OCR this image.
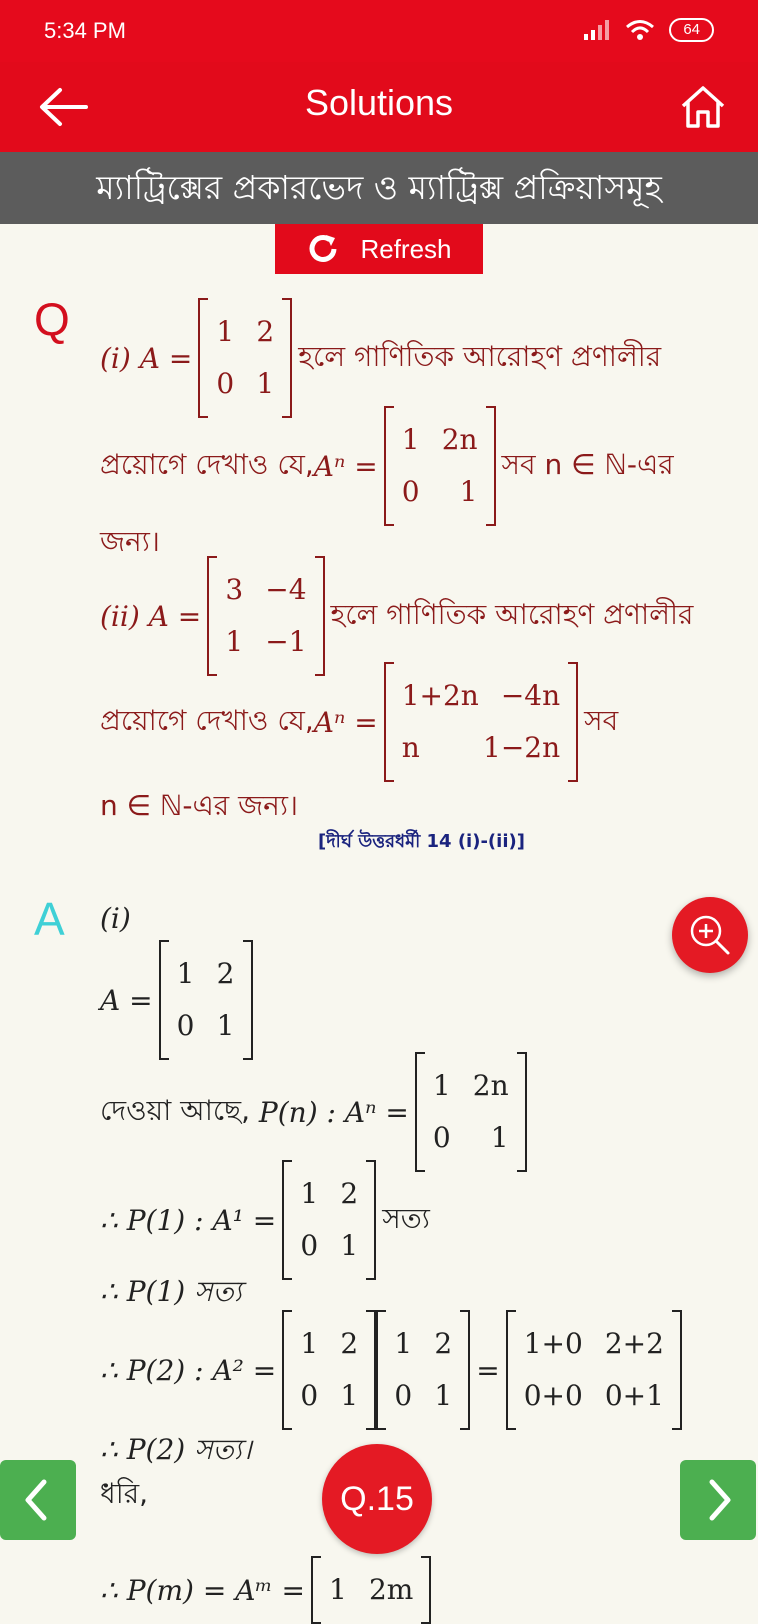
5:34 PM	64
Solutions
ম্যাট্রিক্সের প্রকারভেদ ও ম্যাট্রিক্স প্রক্রিয়াসমূহ
Refresh
Q
(i) A =
1 2
0 1
হলে গাণিতিক আরোহণ প্রণালীর
প্রয়োগে দেখাও যে, Aⁿ =
1 2n
0 1
সব n ∈ ℕ-এর
জন্য।
(ii) A =
3 −4
1 −1
হলে গাণিতিক আরোহণ প্রণালীর
প্রয়োগে দেখাও যে, Aⁿ =
1+2n −4n
n 1−2n
সব
n ∈ ℕ-এর জন্য।
[দীর্ঘ উত্তরধর্মী 14 (i)-(ii)]
A (i)
A =
1 2
0 1
দেওয়া আছে,
P(n) : Aⁿ =
1 2n
0 1
∴ P(1) : A¹ =
1 2
0 1
সত্য
∴ P(1) সত্য
∴ P(2) : A² =
1 2
0 1
1 2
0 1
=
1+0 2+2
0+0 0+1
∴ P(2) সত্য।
ধরি,
∴ P(m) = Aᵐ = 1 2m
Q.15
